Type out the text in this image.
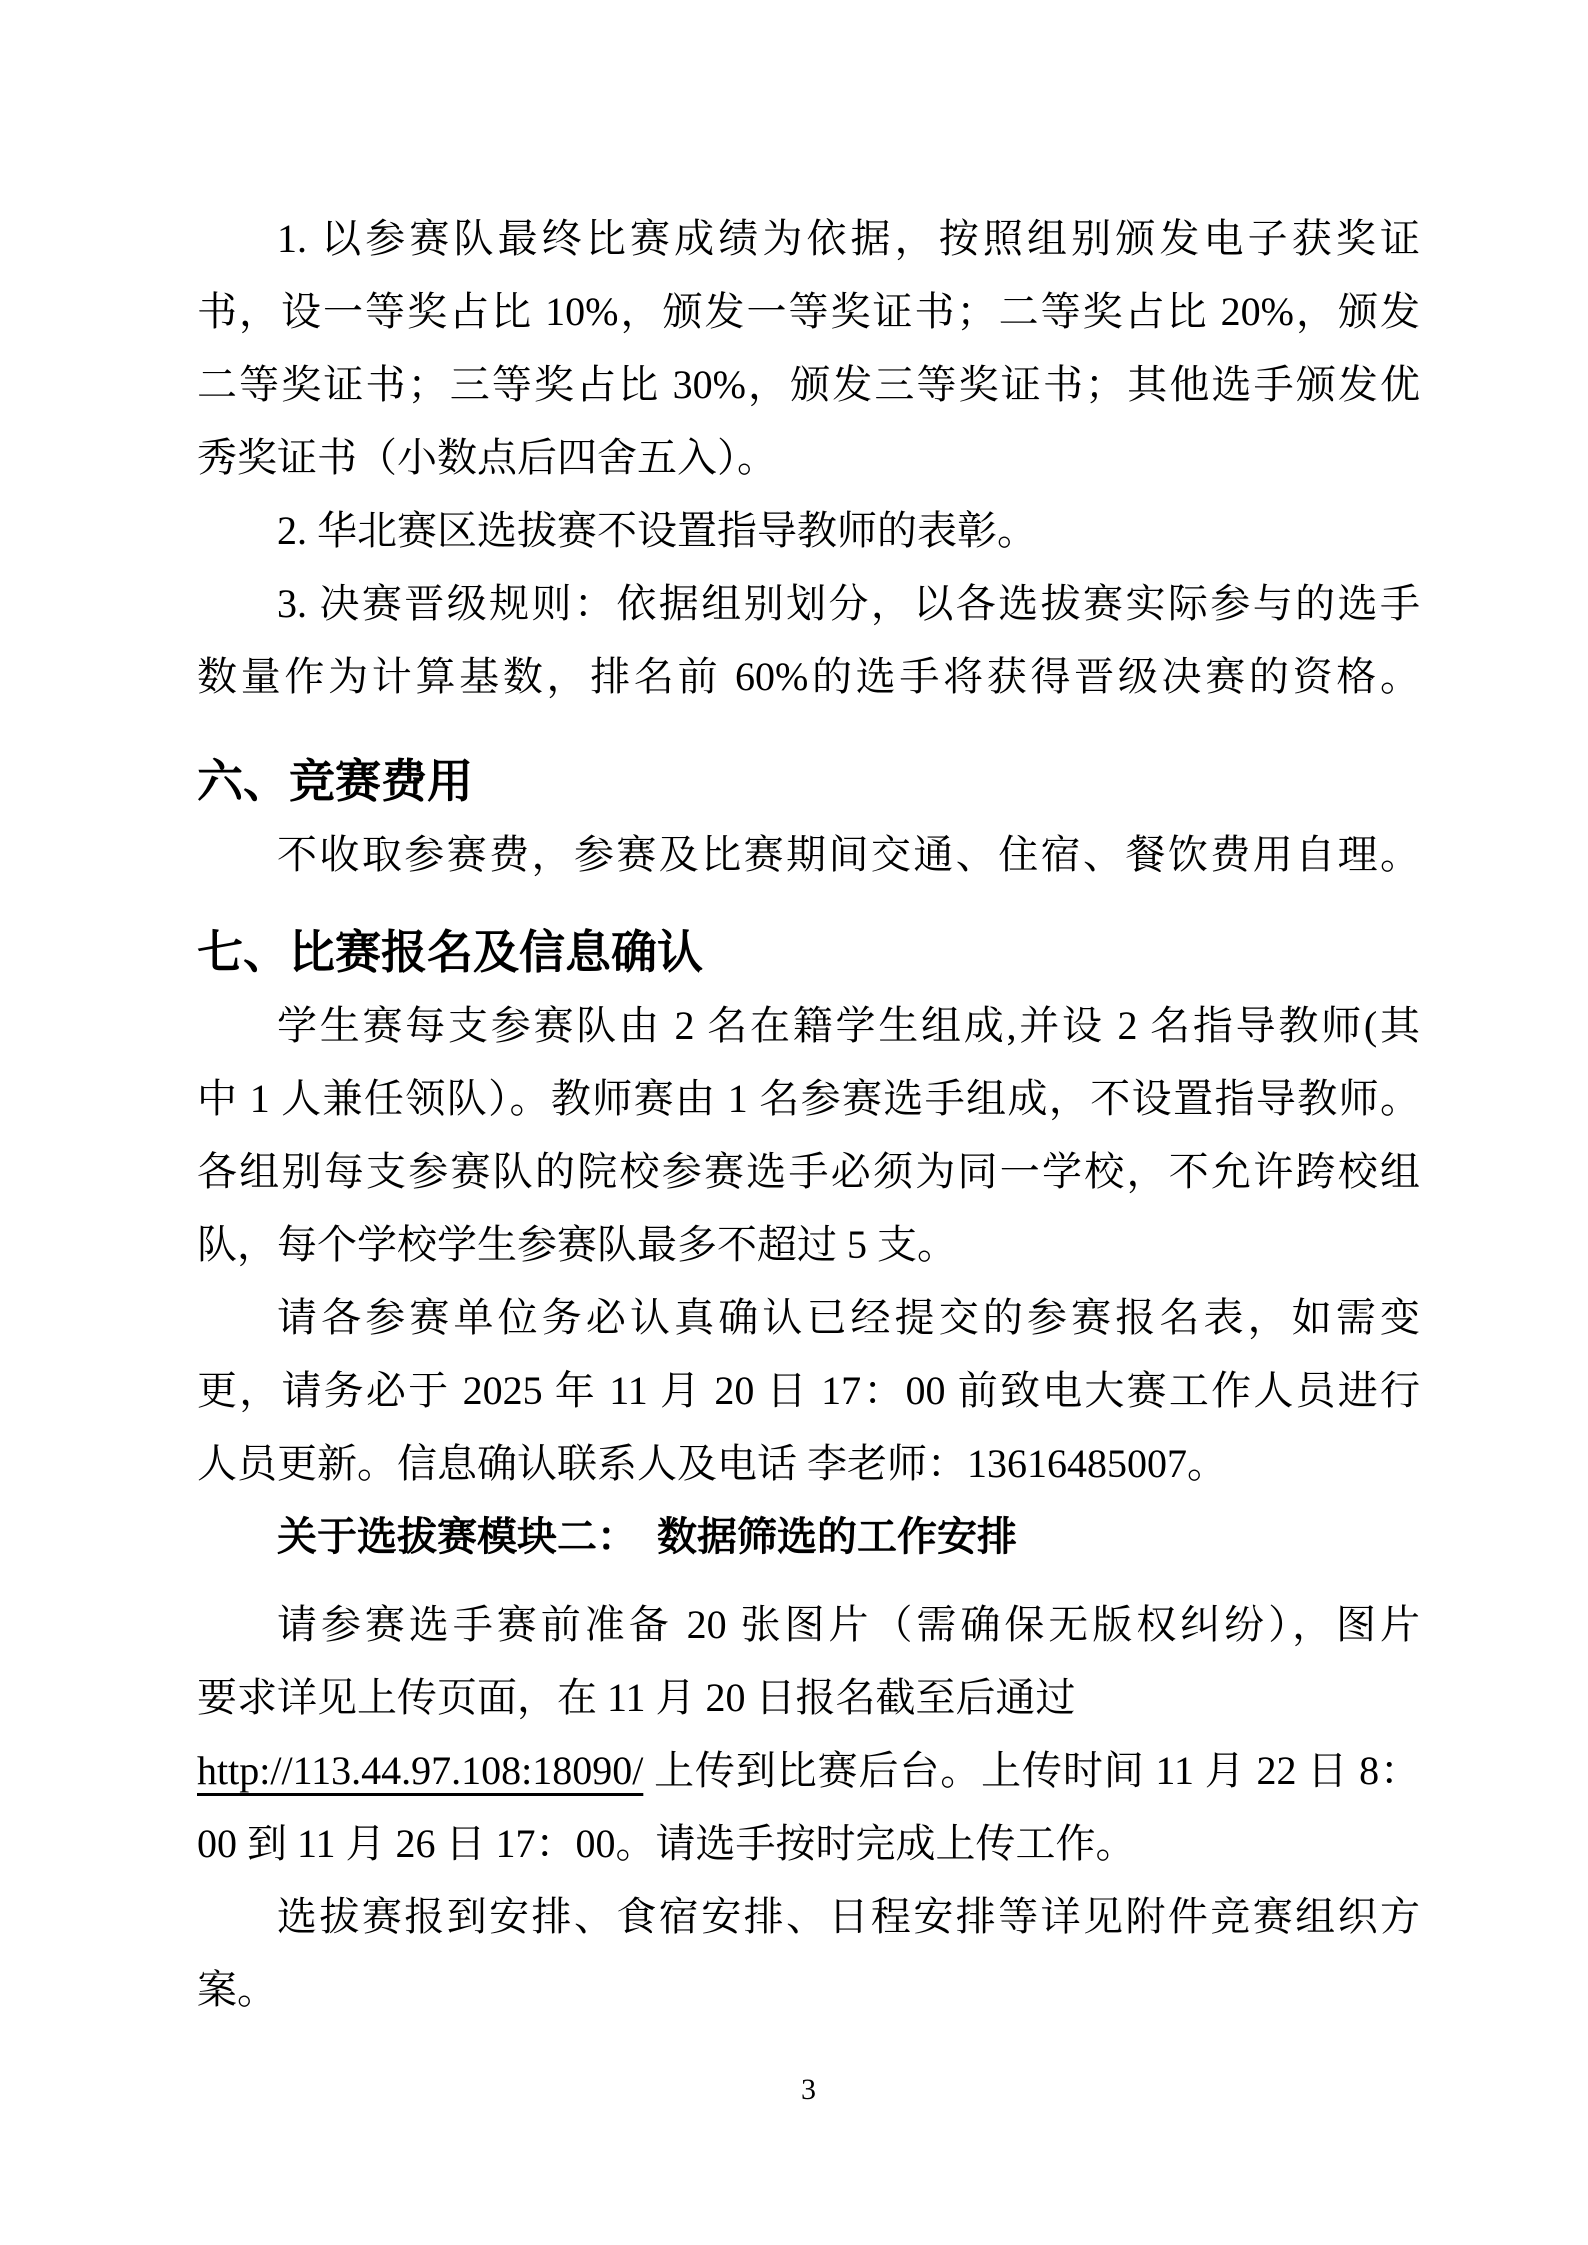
1. 以参赛队最终比赛成绩为依据，按照组别颁发电子获奖证
书，设一等奖占比 10%，颁发一等奖证书；二等奖占比 20%，颁发
二等奖证书；三等奖占比 30%，颁发三等奖证书；其他选手颁发优
秀奖证书（小数点后四舍五入）。
2. 华北赛区选拔赛不设置指导教师的表彰。
3. 决赛晋级规则：依据组别划分，以各选拔赛实际参与的选手
数量作为计算基数，排名前 60%的选手将获得晋级决赛的资格。
六、竞赛费用
不收取参赛费，参赛及比赛期间交通、住宿、餐饮费用自理。
七、比赛报名及信息确认
学生赛每支参赛队由 2 名在籍学生组成,并设 2 名指导教师(其
中 1 人兼任领队）。教师赛由 1 名参赛选手组成，不设置指导教师。
各组别每支参赛队的院校参赛选手必须为同一学校，不允许跨校组
队，每个学校学生参赛队最多不超过 5 支。
请各参赛单位务必认真确认已经提交的参赛报名表，如需变
更，请务必于 2025 年 11 月 20 日 17：00 前致电大赛工作人员进行
人员更新。信息确认联系人及电话 李老师：13616485007。
关于选拔赛模块二：　数据筛选的工作安排
请参赛选手赛前准备 20 张图片（需确保无版权纠纷），图片
要求详见上传页面，在 11 月 20 日报名截至后通过
http://113.44.97.108:18090/ 上传到比赛后台。上传时间 11 月 22 日 8：
00 到 11 月 26 日 17：00。请选手按时完成上传工作。
选拔赛报到安排、食宿安排、日程安排等详见附件竞赛组织方
案。
3
